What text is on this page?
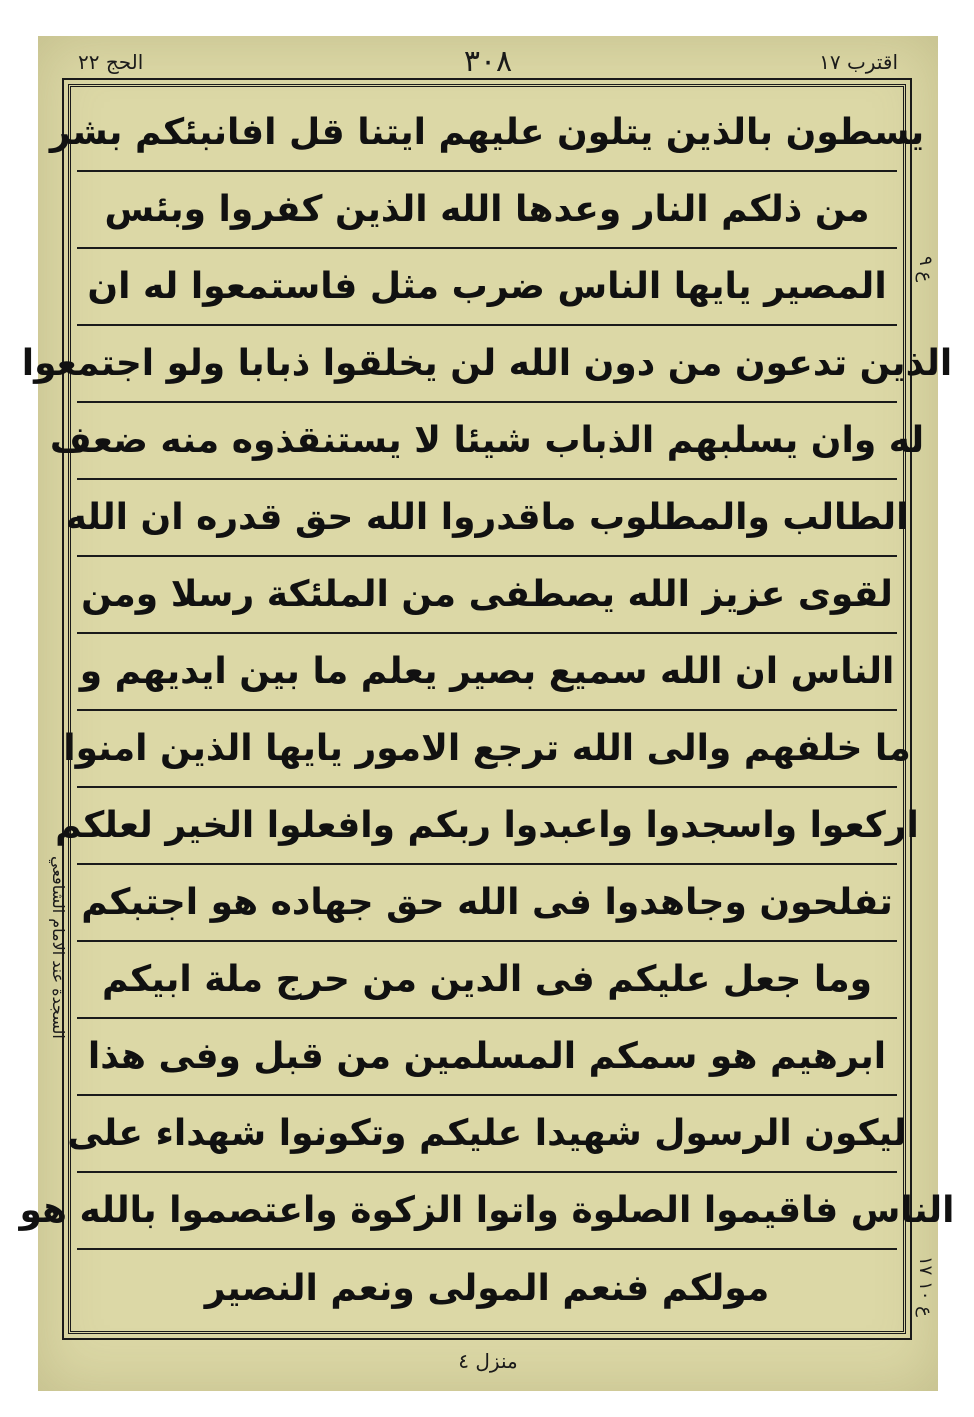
الحج ٢٢	٣٠٨	اقترب ١٧
يسطون بالذين يتلون عليهم ايتنا قل افانبئكم بشر
من ذلكم النار وعدها الله الذين كفروا وبئس
المصير يايها الناس ضرب مثل فاستمعوا له ان
الذين تدعون من دون الله لن يخلقوا ذبابا ولو اجتمعوا
له وان يسلبهم الذباب شيئا لا يستنقذوه منه ضعف
الطالب والمطلوب ماقدروا الله حق قدره ان الله
لقوى عزيز الله يصطفى من الملئكة رسلا ومن
الناس ان الله سميع بصير يعلم ما بين ايديهم و
ما خلفهم والى الله ترجع الامور يايها الذين امنوا
اركعوا واسجدوا واعبدوا ربكم وافعلوا الخير لعلكم
تفلحون وجاهدوا فى الله حق جهاده هو اجتبكم
وما جعل عليكم فى الدين من حرج ملة ابيكم
ابرهيم هو سمكم المسلمين من قبل وفى هذا
ليكون الرسول شهيدا عليكم وتكونوا شهداء على
الناس فاقيموا الصلوة واتوا الزكوة واعتصموا بالله هو
مولكم فنعم المولى ونعم النصير
السجدة عند الامام الشافعي
ع ٩
ع ١٠ ١٧
منزل ٤
